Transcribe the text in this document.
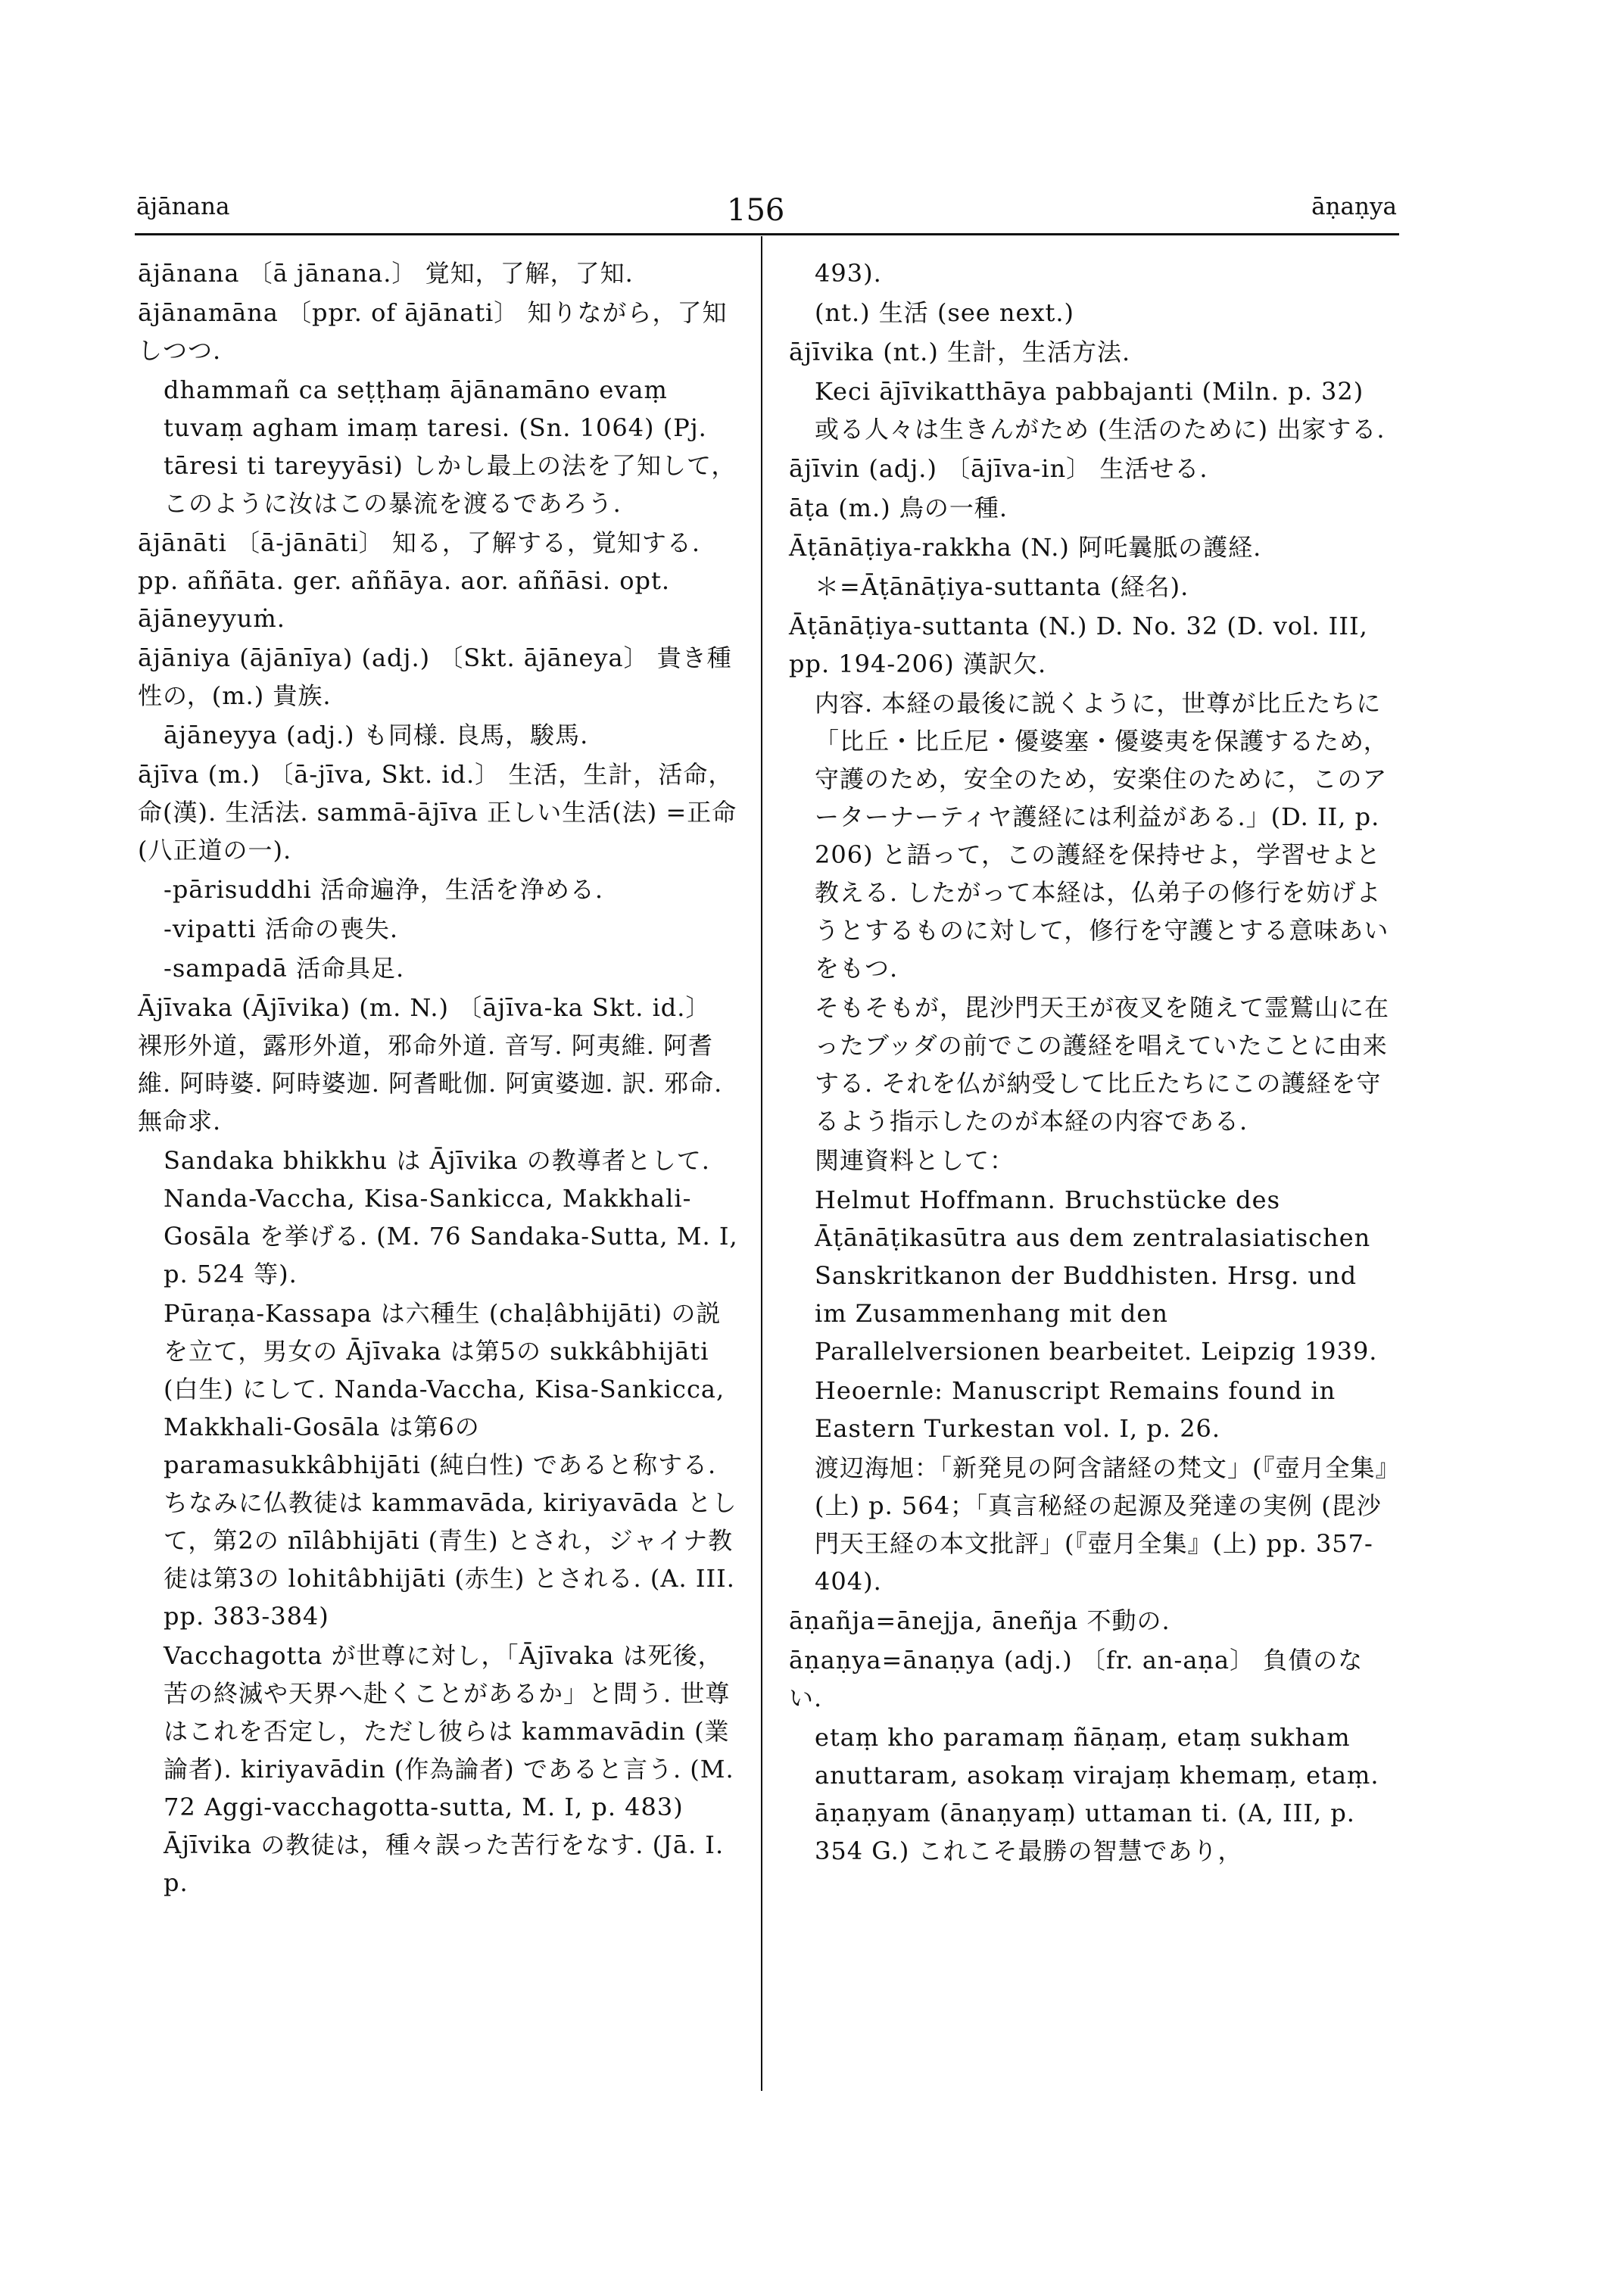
ājānana	156	āṇaṇya
ājānana 〔ā jānana.〕 覚知，了解，了知.
ājānamāna 〔ppr. of ājānati〕 知りながら，了知しつつ.
dhammañ ca seṭṭhaṃ ājānamāno evaṃ tuvaṃ agham imaṃ taresi. (Sn. 1064) (Pj. tāresi ti tareyyāsi) しかし最上の法を了知して，このように汝はこの暴流を渡るであろう.
ājānāti 〔ā-jānāti〕 知る，了解する，覚知する. pp. aññāta. ger. aññāya. aor. aññāsi. opt. ājāneyyuṁ.
ājāniya (ājānīya) (adj.) 〔Skt. ājāneya〕 貴き種性の，(m.) 貴族.
ājāneyya (adj.) も同様. 良馬，駿馬.
ājīva (m.) 〔ā-jīva, Skt. id.〕 生活，生計，活命，命(漢). 生活法. sammā-ājīva 正しい生活(法) =正命(八正道の一).
-pārisuddhi 活命遍浄，生活を浄める.
-vipatti 活命の喪失.
-sampadā 活命具足.
Ājīvaka (Ājīvika) (m. N.) 〔ājīva-ka Skt. id.〕 裸形外道，露形外道，邪命外道. 音写. 阿夷維. 阿耆維. 阿時婆. 阿時婆迦. 阿耆毗伽. 阿寅婆迦. 訳. 邪命. 無命求.
Sandaka bhikkhu は Ājīvika の教導者として. Nanda-Vaccha, Kisa-Sankicca, Makkhali-Gosāla を挙げる. (M. 76 Sandaka-Sutta, M. I, p. 524 等).
Pūraṇa-Kassapa は六種生 (chaḷâbhijāti) の説を立て，男女の Ājīvaka は第5の sukkâbhijāti (白生) にして. Nanda-Vaccha, Kisa-Sankicca, Makkhali-Gosāla は第6の paramasukkâbhijāti (純白性) であると称する. ちなみに仏教徒は kammavāda, kiriyavāda として，第2の nīlâbhijāti (青生) とされ，ジャイナ教徒は第3の lohitâbhijāti (赤生) とされる. (A. III. pp. 383-384)
Vacchagotta が世尊に対し，「Ājīvaka は死後，苦の終滅や天界へ赴くことがあるか」と問う. 世尊はこれを否定し，ただし彼らは kammavādin (業論者). kiriyavādin (作為論者) であると言う. (M. 72 Aggi-vacchagotta-sutta, M. I, p. 483) Ājīvika の教徒は，種々誤った苦行をなす. (Jā. I. p.
493).
(nt.) 生活 (see next.)
ājīvika (nt.) 生計，生活方法.
Keci ājīvikatthāya pabbajanti (Miln. p. 32) 或る人々は生きんがため (生活のために) 出家する.
ājīvin (adj.) 〔ājīva-in〕 生活せる.
āṭa (m.) 鳥の一種.
Āṭānāṭiya-rakkha (N.) 阿吒曩胝の護経.
＊=Āṭānāṭiya-suttanta (経名).
Āṭānāṭiya-suttanta (N.) D. No. 32 (D. vol. III, pp. 194-206) 漢訳欠.
内容. 本経の最後に説くように，世尊が比丘たちに「比丘・比丘尼・優婆塞・優婆夷を保護するため，守護のため，安全のため，安楽住のために，このアーターナーティヤ護経には利益がある.」(D. II, p. 206) と語って，この護経を保持せよ，学習せよと教える. したがって本経は，仏弟子の修行を妨げようとするものに対して，修行を守護とする意味あいをもつ.
そもそもが，毘沙門天王が夜叉を随えて霊鷲山に在ったブッダの前でこの護経を唱えていたことに由来する. それを仏が納受して比丘たちにこの護経を守るよう指示したのが本経の内容である.
関連資料として：
Helmut Hoffmann. Bruchstücke des Āṭānāṭikasūtra aus dem zentralasiatischen Sanskritkanon der Buddhisten. Hrsg. und im Zusammenhang mit den Parallelversionen bearbeitet. Leipzig 1939.
Heoernle: Manuscript Remains found in Eastern Turkestan vol. I, p. 26.
渡辺海旭：「新発見の阿含諸経の梵文」(『壺月全集』(上) p. 564；「真言秘経の起源及発達の実例 (毘沙門天王経の本文批評」(『壺月全集』(上) pp. 357-404).
āṇañja=ānejja, āneñja 不動の.
āṇaṇya=ānaṇya (adj.) 〔fr. an-aṇa〕 負債のない.
etaṃ kho paramaṃ ñāṇaṃ, etaṃ sukham anuttaram, asokaṃ virajaṃ khemaṃ, etaṃ. āṇaṇyam (ānaṇyaṃ) uttaman ti. (A, III, p. 354 G.) これこそ最勝の智慧であり，
